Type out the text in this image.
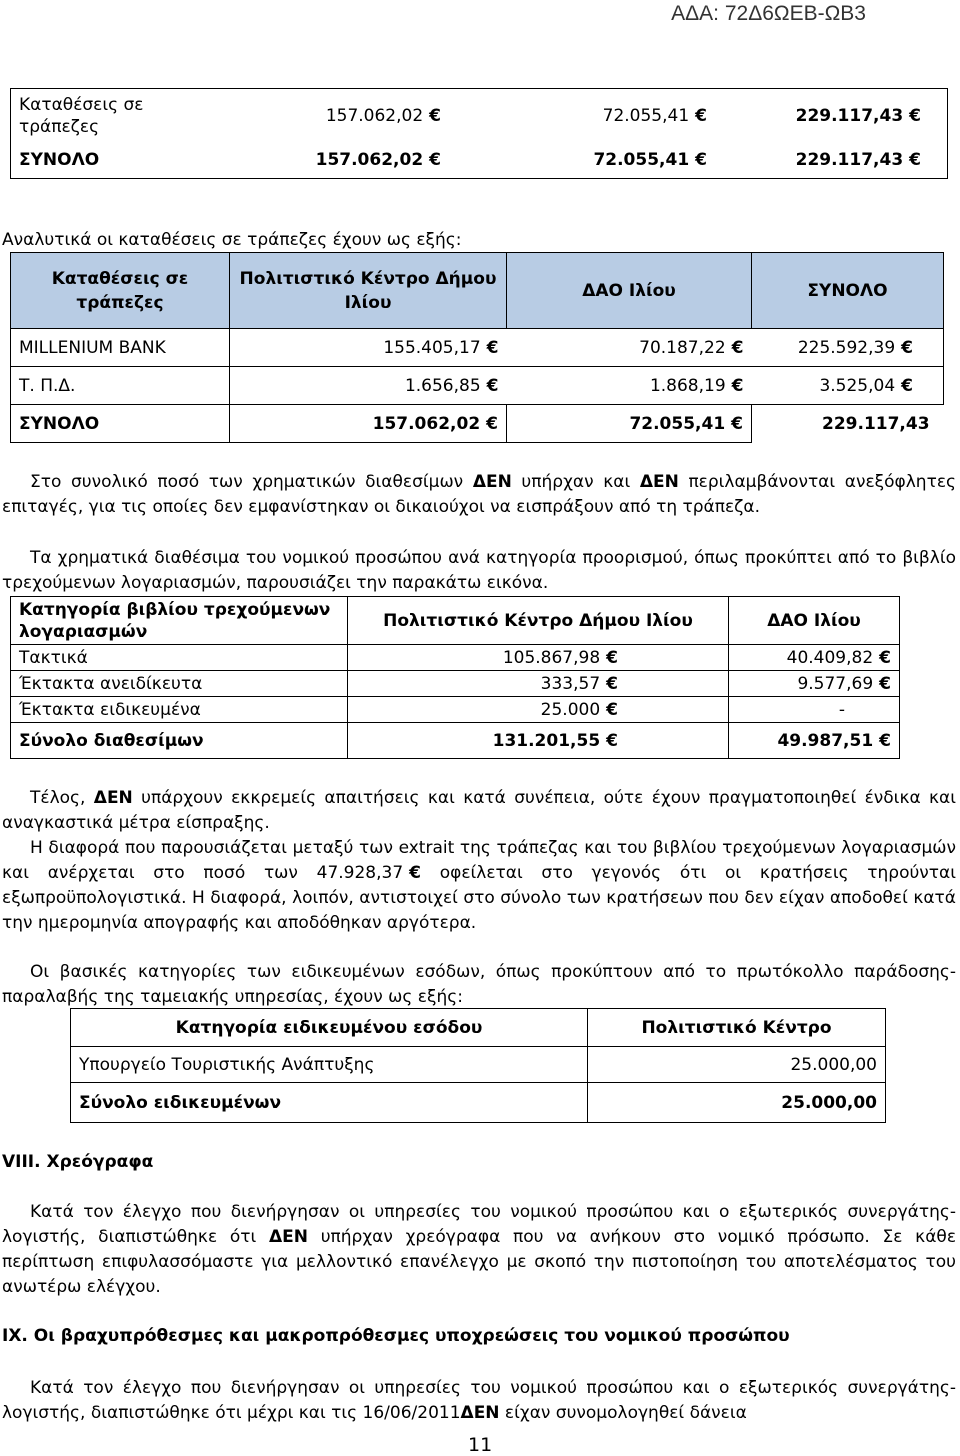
ΑΔΑ: 72Δ6ΩΕΒ-ΩΒ3
Καταθέσεις σε τράπεζες	157.062,02 €	72.055,41 €	229.117,43 €
ΣΥΝΟΛΟ	157.062,02 €	72.055,41 €	229.117,43 €
Αναλυτικά οι καταθέσεις σε τράπεζες έχουν ως εξής:
Καταθέσεις σε τράπεζες	Πολιτιστικό Κέντρο Δήμου Ιλίου	ΔΑΟ Ιλίου	ΣΥΝΟΛΟ
MILLENIUM BANK	155.405,17 €	70.187,22 €	225.592,39 €
Τ. Π.Δ.	1.656,85 €	1.868,19 €	3.525,04 €
ΣΥΝΟΛΟ	157.062,02 €	72.055,41 €	229.117,43

Στο συνολικό ποσό των χρηματικών διαθεσίμων ΔΕΝ υπήρχαν και ΔΕΝ περιλαμβάνονται ανεξόφλητες επιταγές, για τις οποίες δεν εμφανίστηκαν οι δικαιούχοι να εισπράξουν από τη τράπεζα.

Τα χρηματικά διαθέσιμα του νομικού προσώπου ανά κατηγορία προορισμού, όπως προκύπτει από το βιβλίο τρεχούμενων λογαριασμών, παρουσιάζει την παρακάτω εικόνα.

Κατηγορία βιβλίου τρεχούμενων λογαριασμών	Πολιτιστικό Κέντρο Δήμου Ιλίου	ΔΑΟ Ιλίου
Τακτικά	105.867,98 €	40.409,82 €
Έκτακτα ανειδίκευτα	333,57 €	9.577,69 €
Έκτακτα ειδικευμένα	25.000 €	-
Σύνολο διαθεσίμων	131.201,55 €	49.987,51 €

Τέλος, ΔΕΝ υπάρχουν εκκρεμείς απαιτήσεις και κατά συνέπεια, ούτε έχουν πραγματοποιηθεί ένδικα και αναγκαστικά μέτρα είσπραξης.

Η διαφορά που παρουσιάζεται μεταξύ των extrait της τράπεζας και του βιβλίου τρεχούμενων λογαριασμών και ανέρχεται στο ποσό των 47.928,37 € οφείλεται στο γεγονός ότι οι κρατήσεις τηρούνται εξωπροϋπολογιστικά. Η διαφορά, λοιπόν, αντιστοιχεί στο σύνολο των κρατήσεων που δεν είχαν αποδοθεί κατά την ημερομηνία απογραφής και αποδόθηκαν αργότερα.

Οι βασικές κατηγορίες των ειδικευμένων εσόδων, όπως προκύπτουν από το πρωτόκολλο παράδοσης-παραλαβής της ταμειακής υπηρεσίας, έχουν ως εξής:

Κατηγορία ειδικευμένου εσόδου	Πολιτιστικό Κέντρο
Υπουργείο Τουριστικής Ανάπτυξης	25.000,00
Σύνολο ειδικευμένων	25.000,00
VIII. Χρεόγραφα

Κατά τον έλεγχο που διενήργησαν οι υπηρεσίες του νομικού προσώπου και ο εξωτερικός συνεργάτης-λογιστής, διαπιστώθηκε ότι ΔΕΝ υπήρχαν χρεόγραφα που να ανήκουν στο νομικό πρόσωπο. Σε κάθε περίπτωση επιφυλασσόμαστε για μελλοντικό επανέλεγχο με σκοπό την πιστοποίηση του αποτελέσματος του ανωτέρω ελέγχου.

IX. Οι βραχυπρόθεσμες και μακροπρόθεσμες υποχρεώσεις του νομικού προσώπου

Κατά τον έλεγχο που διενήργησαν οι υπηρεσίες του νομικού προσώπου και ο εξωτερικός συνεργάτης-λογιστής, διαπιστώθηκε ότι μέχρι και τις 16/06/2011ΔΕΝ είχαν συνομολογηθεί δάνεια

11
